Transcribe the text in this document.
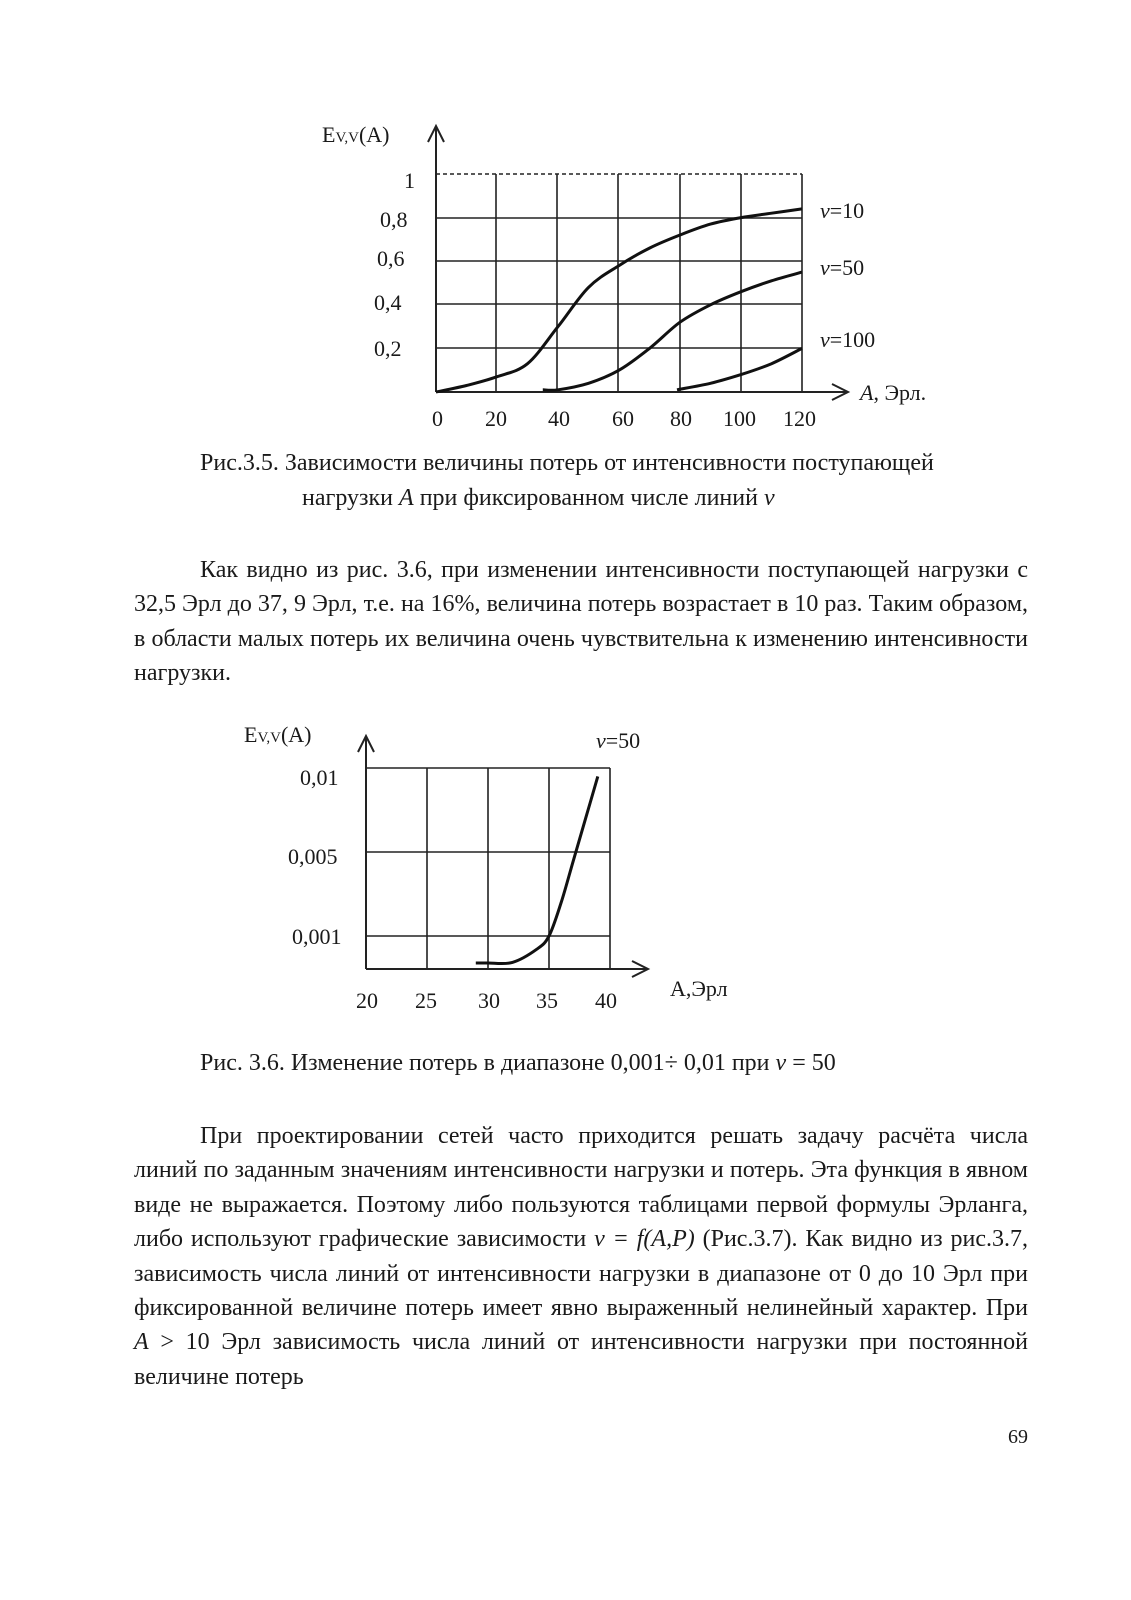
EV,V(A)
1
0,8
0,6
0,4
0,2
0 20 40 60 80 100 120
A, Эрл.
v=10
v=50
v=100
Рис.3.5. Зависимости величины потерь от интенсивности поступающей
нагрузки A при фиксированном числе линий v
Как видно из рис. 3.6, при изменении интенсивности поступающей нагрузки с 32,5 Эрл до 37, 9 Эрл, т.е. на 16%, величина потерь возрастает в 10 раз. Таким образом, в области малых потерь их величина очень чувствительна к изменению интенсивности нагрузки.
EV,V(A)
0,01
0,005
0,001
20 25 30 35 40 A,Эрл
v=50
Рис. 3.6. Изменение потерь в диапазоне 0,001÷ 0,01 при v = 50
При проектировании сетей часто приходится решать задачу расчёта числа линий по заданным значениям интенсивности нагрузки и потерь. Эта функция в явном виде не выражается. Поэтому либо пользуются таблицами первой формулы Эрланга, либо используют графические зависимости v = f(A,P) (Рис.3.7). Как видно из рис.3.7, зависимость числа линий от интенсивности нагрузки в диапазоне от 0 до 10 Эрл при фиксированной величине потерь имеет явно выраженный нелинейный характер. При A > 10 Эрл зависимость числа линий от интенсивности нагрузки при постоянной величине потерь
69
